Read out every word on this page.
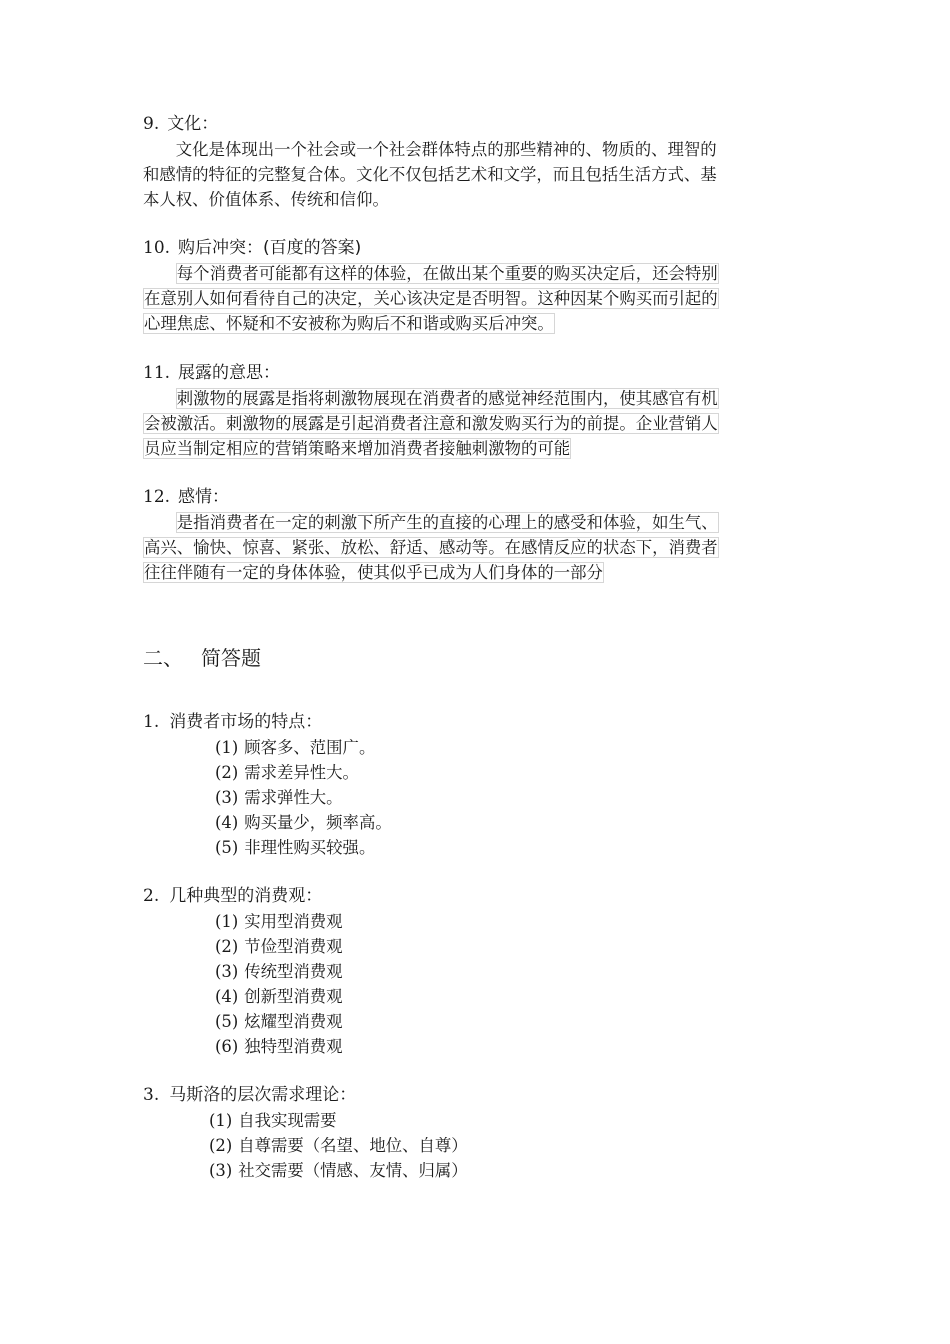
9. 文化：

文化是体现出一个社会或一个社会群体特点的那些精神的、物质的、理智的
和感情的特征的完整复合体。文化不仅包括艺术和文学，而且包括生活方式、基
本人权、价值体系、传统和信仰。

10. 购后冲突：(百度的答案)
每个消费者可能都有这样的体验，在做出某个重要的购买决定后，还会特别
在意别人如何看待自己的决定，关心该决定是否明智。这种因某个购买而引起的
心理焦虑、怀疑和不安被称为购后不和谐或购买后冲突。
11. 展露的意思：
刺激物的展露是指将刺激物展现在消费者的感觉神经范围内，使其感官有机
会被激活。刺激物的展露是引起消费者注意和激发购买行为的前提。企业营销人
员应当制定相应的营销策略来增加消费者接触刺激物的可能
12. 感情：
是指消费者在一定的刺激下所产生的直接的心理上的感受和体验，如生气、
高兴、愉快、惊喜、紧张、放松、舒适、感动等。在感情反应的状态下，消费者
往往伴随有一定的身体体验，使其似乎已成为人们身体的一部分
二、 简答题
1. 消费者市场的特点：
(1) 顾客多、范围广。
(2) 需求差异性大。
(3) 需求弹性大。
(4) 购买量少，频率高。
(5) 非理性购买较强。
2. 几种典型的消费观：
(1) 实用型消费观
(2) 节俭型消费观
(3) 传统型消费观
(4) 创新型消费观
(5) 炫耀型消费观
(6) 独特型消费观
3. 马斯洛的层次需求理论：
(1) 自我实现需要
(2) 自尊需要（名望、地位、自尊）
(3) 社交需要（情感、友情、归属）
